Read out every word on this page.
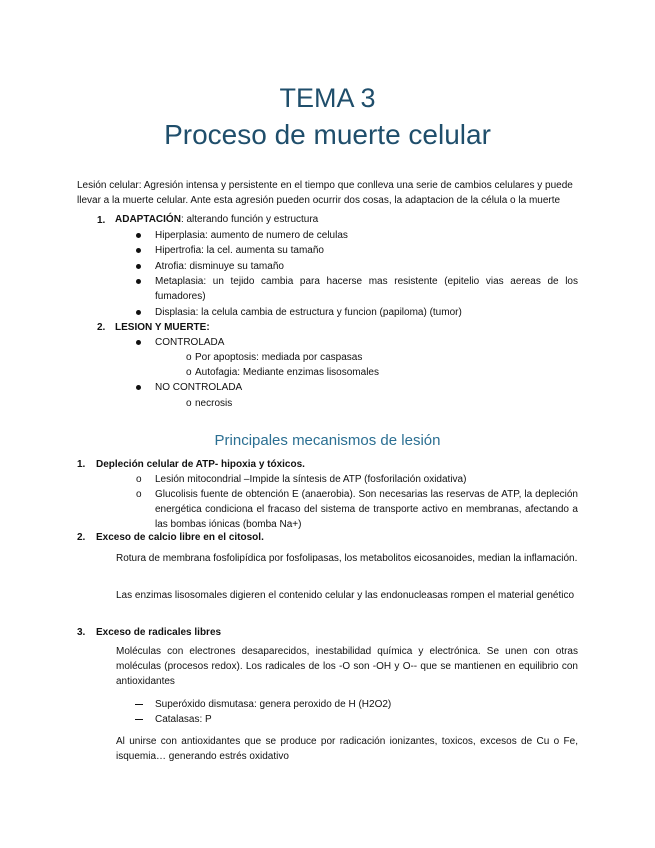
TEMA 3
Proceso de muerte celular
Lesión celular: Agresión intensa y persistente en el tiempo que conlleva una serie de cambios celulares y puede
llevar a la muerte celular. Ante esta agresión pueden ocurrir dos cosas, la adaptacion de la célula o la muerte
1. ADAPTACIÓN: alterando función y estructura
Hiperplasia: aumento de numero de celulas
Hipertrofia: la cel. aumenta su tamaño
Atrofia: disminuye su tamaño
Metaplasia: un tejido cambia para hacerse mas resistente (epitelio vias aereas de los fumadores)
Displasia: la celula cambia de estructura y funcion (papiloma) (tumor)
2. LESION Y MUERTE:
CONTROLADA
o Por apoptosis: mediada por caspasas
o Autofagia: Mediante enzimas lisosomales
NO CONTROLADA
o necrosis
Principales mecanismos de lesión
1. Depleción celular de ATP- hipoxia y tóxicos.
o Lesión mitocondrial –Impide la síntesis de ATP (fosforilación oxidativa)
o Glucolisis fuente de obtención E (anaerobia). Son necesarias las reservas de ATP, la depleción energética condiciona el fracaso del sistema de transporte activo en membranas, afectando a las bombas iónicas (bomba Na+)
2. Exceso de calcio libre en el citosol.
Rotura de membrana fosfolipídica por fosfolipasas, los metabolitos eicosanoides, median la inflamación.
Las enzimas lisosomales digieren el contenido celular y las endonucleasas rompen el material genético
3. Exceso de radicales libres
Moléculas con electrones desaparecidos, inestabilidad química y electrónica. Se unen con otras moléculas (procesos redox). Los radicales de los -O son -OH y O-- que se mantienen en equilibrio con antioxidantes
Superóxido dismutasa: genera peroxido de H (H2O2)
Catalasas: P
Al unirse con antioxidantes que se produce por radicación ionizantes, toxicos, excesos de Cu o Fe, isquemia… generando estrés oxidativo
